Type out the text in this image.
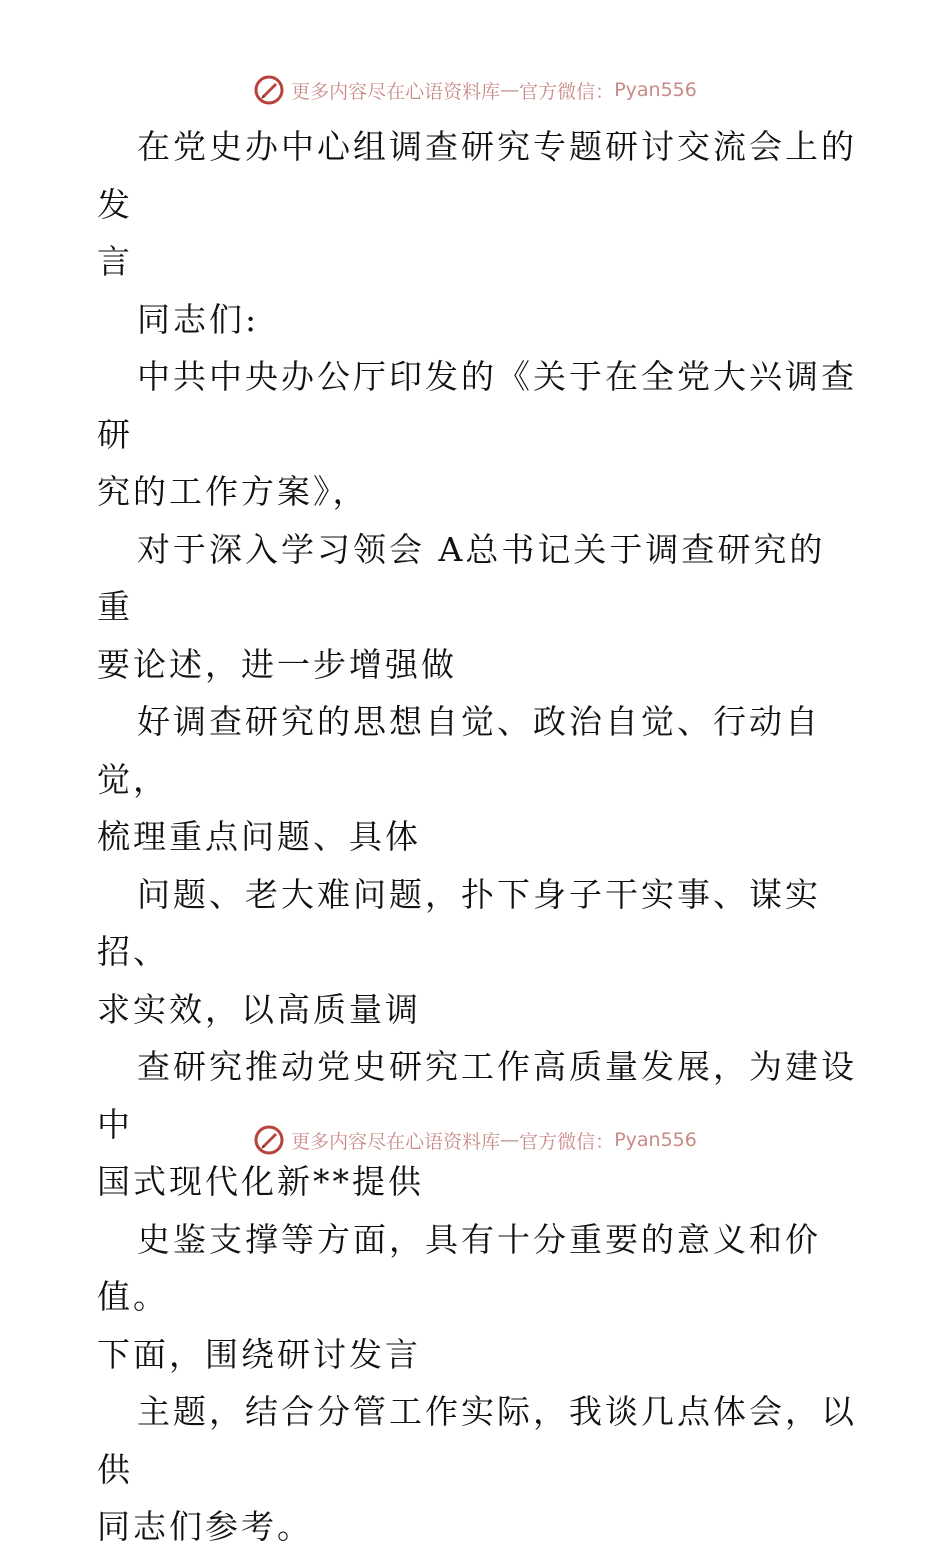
更多内容尽在心语资料库 — 官方微信： Pyan556

在党史办中心组调查研究专题研讨交流会上的发

言

同志们:

中共中央办公厅印发的《关于在全党大兴调查研

究的工作方案》，

对于深入学习领会 A总书记关于调查研究的重

要论述，进一步增强做

好调查研究的思想自觉、政治自觉、行动自觉，

梳理重点问题、具体

问题、老大难问题，扑下身子干实事、谋实招、

求实效，以高质量调

查研究推动党史研究工作高质量发展，为建设中

国式现代化新**提供

史鉴支撑等方面，具有十分重要的意义和价值。

下面，围绕研讨发言

主题，结合分管工作实际，我谈几点体会，以供

同志们参考。

更多内容尽在心语资料库 — 官方微信： Pyan556
